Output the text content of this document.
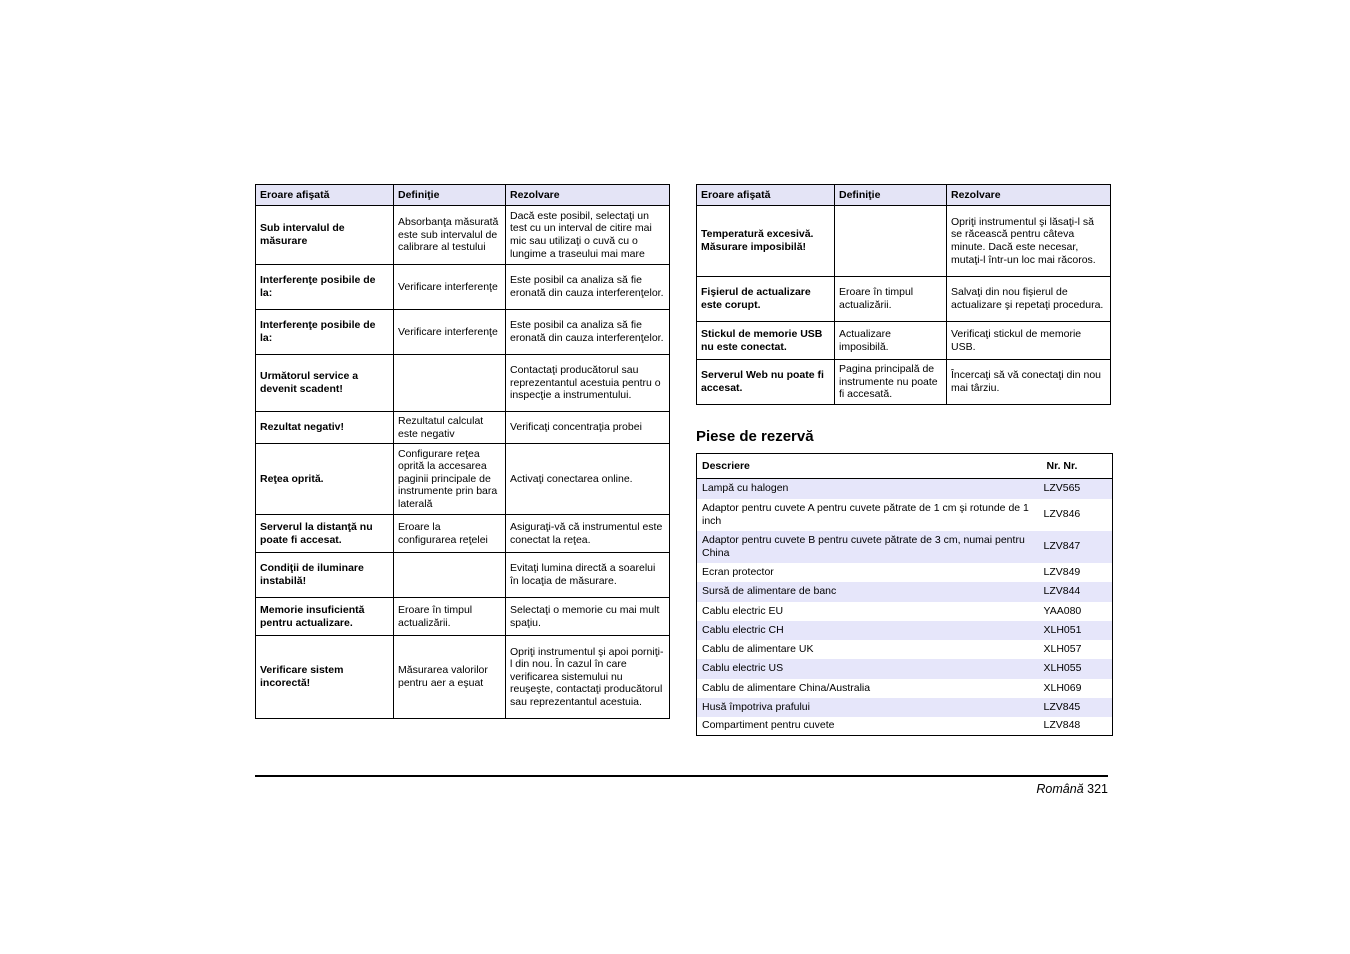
Eroare afişată	Definiţie	Rezolvare
Sub intervalul de măsurare	Absorbanţa măsurată este sub intervalul de calibrare al testului	Dacă este posibil, selectaţi un test cu un interval de citire mai mic sau utilizaţi o cuvă cu o lungime a traseului mai mare
Interferenţe posibile de la:	Verificare interferenţe	Este posibil ca analiza să fie eronată din cauza interferenţelor.
Interferenţe posibile de la:	Verificare interferenţe	Este posibil ca analiza să fie eronată din cauza interferenţelor.
Următorul service a devenit scadent!		Contactaţi producătorul sau reprezentantul acestuia pentru o inspecţie a instrumentului.
Rezultat negativ!	Rezultatul calculat este negativ	Verificaţi concentraţia probei
Reţea oprită.	Configurare reţea oprită la accesarea paginii principale de instrumente prin bara laterală	Activaţi conectarea online.
Serverul la distanţă nu poate fi accesat.	Eroare la configurarea reţelei	Asiguraţi-vă că instrumentul este conectat la reţea.
Condiţii de iluminare instabilă!		Evitaţi lumina directă a soarelui în locaţia de măsurare.
Memorie insuficientă pentru actualizare.	Eroare în timpul actualizării.	Selectaţi o memorie cu mai mult spaţiu.
Verificare sistem incorectă!	Măsurarea valorilor pentru aer a eşuat	Opriţi instrumentul şi apoi porniţi-l din nou. În cazul în care verificarea sistemului nu reuşeşte, contactaţi producătorul sau reprezentantul acestuia.
Eroare afişată	Definiţie	Rezolvare
Temperatură excesivă. Măsurare imposibilă!		Opriţi instrumentul şi lăsaţi-l să se răcească pentru câteva minute. Dacă este necesar, mutaţi-l într-un loc mai răcoros.
Fişierul de actualizare este corupt.	Eroare în timpul actualizării.	Salvaţi din nou fişierul de actualizare şi repetaţi procedura.
Stickul de memorie USB nu este conectat.	Actualizare imposibilă.	Verificaţi stickul de memorie USB.
Serverul Web nu poate fi accesat.	Pagina principală de instrumente nu poate fi accesată.	Încercaţi să vă conectaţi din nou mai târziu.
Piese de rezervă
Descriere	Nr. Nr.
Lampă cu halogen	LZV565
Adaptor pentru cuvete A pentru cuvete pătrate de 1 cm şi rotunde de 1 inch	LZV846
Adaptor pentru cuvete B pentru cuvete pătrate de 3 cm, numai pentru China	LZV847
Ecran protector	LZV849
Sursă de alimentare de banc	LZV844
Cablu electric EU	YAA080
Cablu electric CH	XLH051
Cablu de alimentare UK	XLH057
Cablu electric US	XLH055
Cablu de alimentare China/Australia	XLH069
Husă împotriva prafului	LZV845
Compartiment pentru cuvete	LZV848
Română 321
